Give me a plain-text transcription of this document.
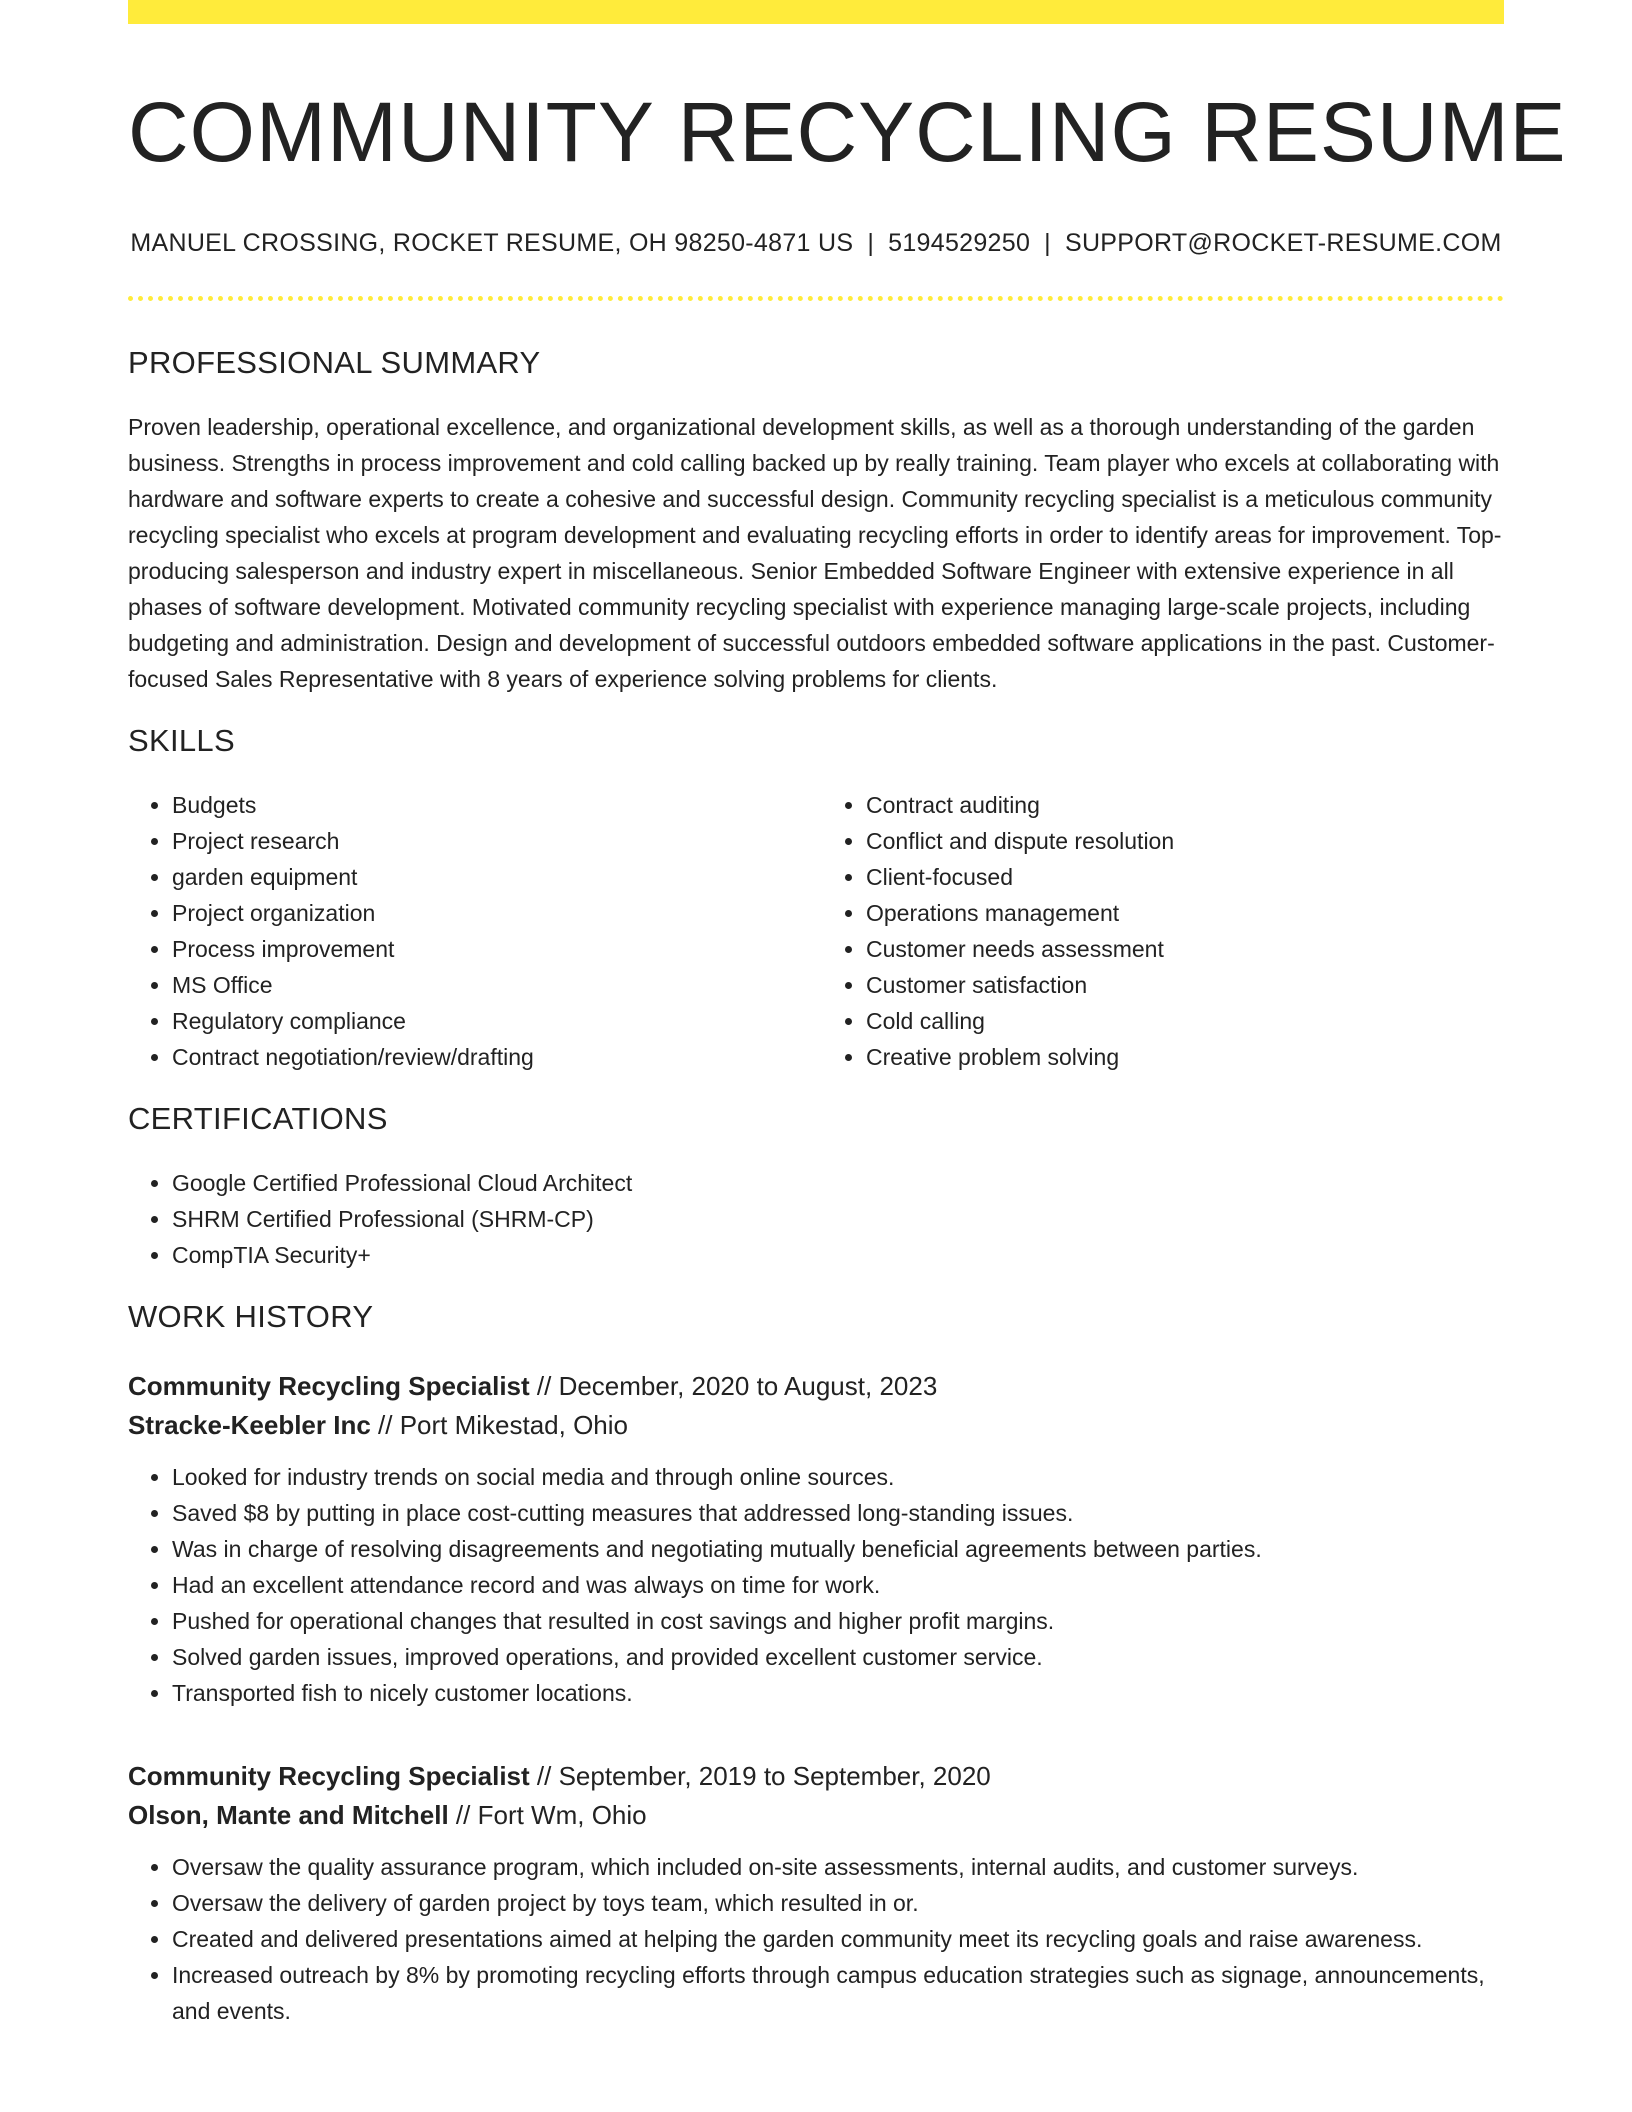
COMMUNITY RECYCLING RESUME
MANUEL CROSSING, ROCKET RESUME, OH 98250-4871 US | 5194529250 | SUPPORT@ROCKET-RESUME.COM
PROFESSIONAL SUMMARY

Proven leadership, operational excellence, and organizational development skills, as well as a thorough understanding of the garden business. Strengths in process improvement and cold calling backed up by really training. Team player who excels at collaborating with hardware and software experts to create a cohesive and successful design. Community recycling specialist is a meticulous community recycling specialist who excels at program development and evaluating recycling efforts in order to identify areas for improvement. Top-producing salesperson and industry expert in miscellaneous. Senior Embedded Software Engineer with extensive experience in all phases of software development. Motivated community recycling specialist with experience managing large-scale projects, including budgeting and administration. Design and development of successful outdoors embedded software applications in the past. Customer-focused Sales Representative with 8 years of experience solving problems for clients.

SKILLS
• Budgets
• Project research
• garden equipment
• Project organization
• Process improvement
• MS Office
• Regulatory compliance
• Contract negotiation/review/drafting
• Contract auditing
• Conflict and dispute resolution
• Client-focused
• Operations management
• Customer needs assessment
• Customer satisfaction
• Cold calling
• Creative problem solving
CERTIFICATIONS
• Google Certified Professional Cloud Architect
• SHRM Certified Professional (SHRM-CP)
• CompTIA Security+
WORK HISTORY
Community Recycling Specialist // December, 2020 to August, 2023
Stracke-Keebler Inc // Port Mikestad, Ohio
• Looked for industry trends on social media and through online sources.
• Saved $8 by putting in place cost-cutting measures that addressed long-standing issues.
• Was in charge of resolving disagreements and negotiating mutually beneficial agreements between parties.
• Had an excellent attendance record and was always on time for work.
• Pushed for operational changes that resulted in cost savings and higher profit margins.
• Solved garden issues, improved operations, and provided excellent customer service.
• Transported fish to nicely customer locations.
Community Recycling Specialist // September, 2019 to September, 2020
Olson, Mante and Mitchell // Fort Wm, Ohio
• Oversaw the quality assurance program, which included on-site assessments, internal audits, and customer surveys.
• Oversaw the delivery of garden project by toys team, which resulted in or.
• Created and delivered presentations aimed at helping the garden community meet its recycling goals and raise awareness.
• Increased outreach by 8% by promoting recycling efforts through campus education strategies such as signage, announcements, and events.
